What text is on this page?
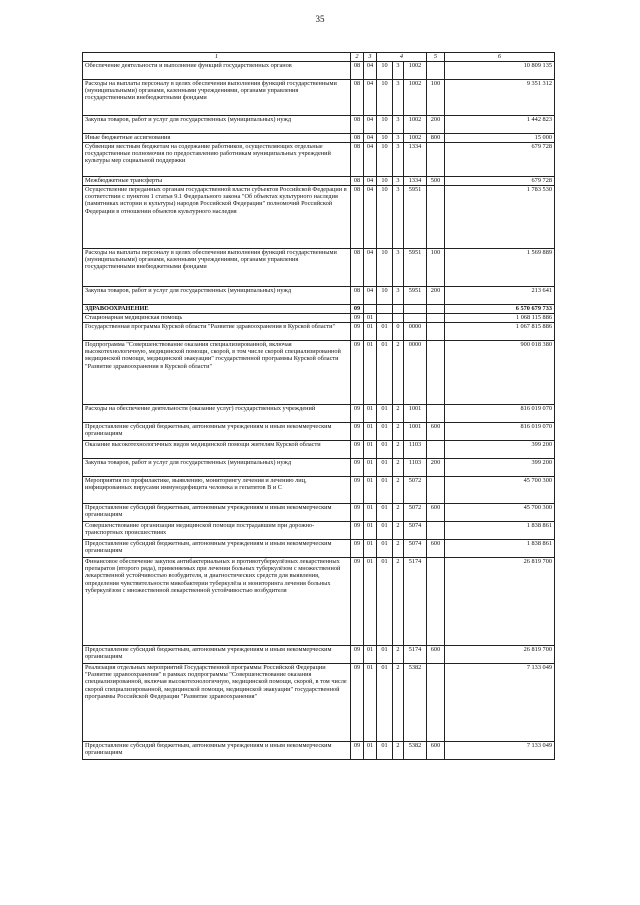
35
1	2	3	4			5	6
Обеспечение деятельности и выполнение функций государственных органов	08	04	10	3	1002		10 809 135
Расходы на выплаты персоналу в целях обеспечения выполнения функций государственными (муниципальными) органами, казенными учреждениями, органами управления государственными внебюджетными фондами	08	04	10	3	1002	100	9 351 312
Закупка товаров, работ и услуг для государственных (муниципальных) нужд	08	04	10	3	1002	200	1 442 823
Иные бюджетные ассигнования	08	04	10	3	1002	800	15 000
Субвенции местным бюджетам на содержание работников, осуществляющих отдельные государственные полномочия по предоставлению работникам муниципальных учреждений культуры мер социальной поддержки	08	04	10	3	1334		679 728
Межбюджетные трансферты	08	04	10	3	1334	500	679 728
Осуществление переданных органам государственной власти субъектов Российской Федерации в соответствии с пунктом 1 статьи 9.1 Федерального закона "Об объектах культурного наследия (памятниках истории и культуры) народов Российской Федерации" полномочий Российской Федерации в отношении объектов культурного наследия	08	04	10	3	5951		1 783 530
Расходы на выплаты персоналу в целях обеспечения выполнения функций государственными (муниципальными) органами, казенными учреждениями, органами управления государственными внебюджетными фондами	08	04	10	3	5951	100	1 569 889
Закупка товаров, работ и услуг для государственных (муниципальных) нужд	08	04	10	3	5951	200	213 641
ЗДРАВООХРАНЕНИЕ	09						6 570 679 733
Стационарная медицинская помощь	09	01					1 068 115 886
Государственная программа Курской области "Развитие здравоохранения в Курской области"	09	01	01	0	0000		1 067 815 886
Подпрограмма "Совершенствование оказания специализированной, включая высокотехнологичную, медицинской помощи, скорой, в том числе скорой специализированной медицинской помощи, медицинской эвакуации" государственной программы Курской области "Развитие здравоохранения в Курской области"	09	01	01	2	0000		900 018 380
Расходы на обеспечение деятельности (оказание услуг) государственных учреждений	09	01	01	2	1001		816 019 070
Предоставление субсидий бюджетным, автономным учреждениям и иным некоммерческим организациям	09	01	01	2	1001	600	816 019 070
Оказание высокотехнологичных видов медицинской помощи жителям Курской области	09	01	01	2	1103		399 200
Закупка товаров, работ и услуг для государственных (муниципальных) нужд	09	01	01	2	1103	200	399 200
Мероприятия по профилактике, выявлению, мониторингу лечения и лечению лиц, инфицированных вирусами иммунодефицита человека и гепатитов В и С	09	01	01	2	5072		45 700 300
Предоставление субсидий бюджетным, автономным учреждениям и иным некоммерческим организациям	09	01	01	2	5072	600	45 700 300
Совершенствование организации медицинской помощи пострадавшим при дорожно-транспортных происшествиях	09	01	01	2	5074		1 838 861
Предоставление субсидий бюджетным, автономным учреждениям и иным некоммерческим организациям	09	01	01	2	5074	600	1 838 861
Финансовое обеспечение закупок антибактериальных и противотуберкулёзных лекарственных препаратов (второго ряда), применяемых при лечении больных туберкулёзом с множественной лекарственной устойчивостью возбудителя, и диагностических средств для выявления, определения чувствительности микобактерии туберкулёза и мониторинга лечения больных туберкулёзом с множественной лекарственной устойчивостью возбудителя	09	01	01	2	5174		26 819 700
Предоставление субсидий бюджетным, автономным учреждениям и иным некоммерческим организациям	09	01	01	2	5174	600	26 819 700
Реализация отдельных мероприятий Государственной программы Российской Федерации "Развитие здравоохранения" в рамках подпрограммы "Совершенствование оказания специализированной, включая высокотехнологичную, медицинской помощи, скорой, в том числе скорой специализированной, медицинской помощи, медицинской эвакуации" государственной программы Российской Федерации "Развитие здравоохранения"	09	01	01	2	5382		7 133 049
Предоставление субсидий бюджетным, автономным учреждениям и иным некоммерческим организациям	09	01	01	2	5382	600	7 133 049
